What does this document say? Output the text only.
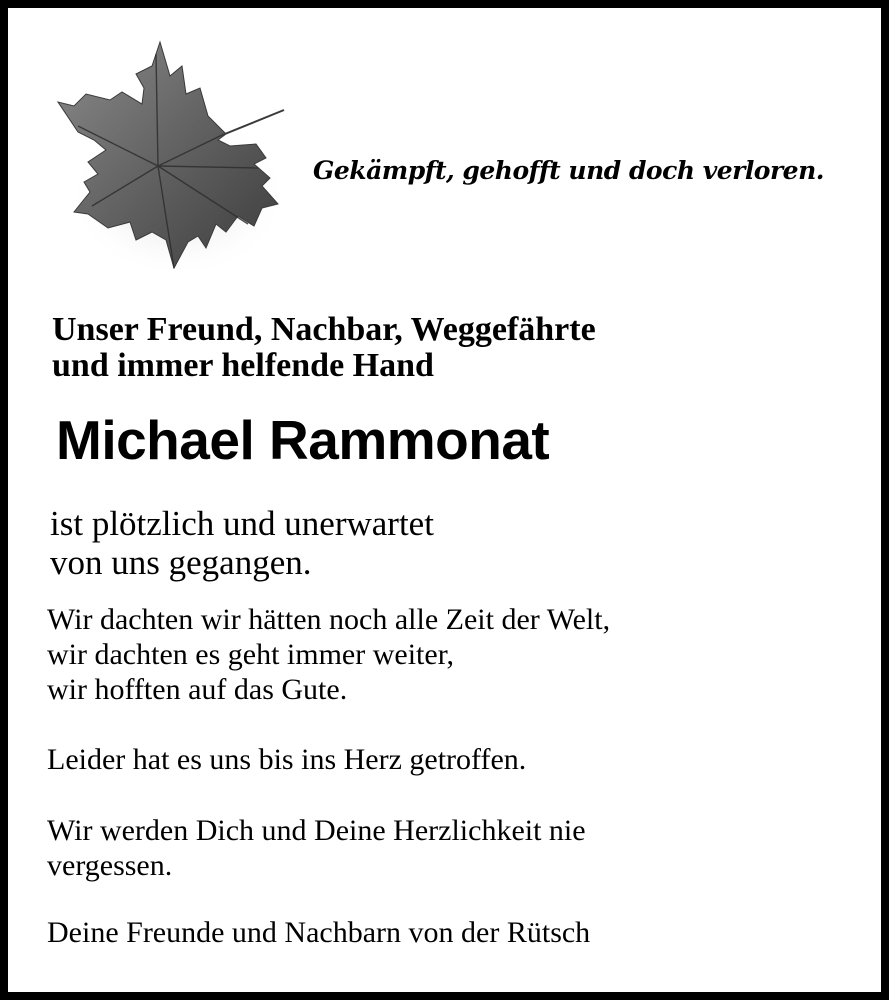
Gekämpft, gehofft und doch verloren.
Unser Freund, Nachbar, Weggefährte
und immer helfende Hand
Michael Rammonat
ist plötzlich und unerwartet
von uns gegangen.
Wir dachten wir hätten noch alle Zeit der Welt,
wir dachten es geht immer weiter,
wir hofften auf das Gute.
Leider hat es uns bis ins Herz getroffen.
Wir werden Dich und Deine Herzlichkeit nie
vergessen.
Deine Freunde und Nachbarn von der Rütsch
